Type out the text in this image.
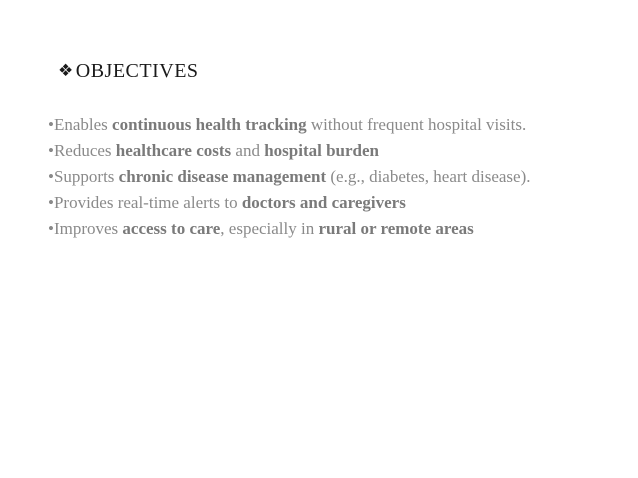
❖ OBJECTIVES
•Enables continuous health tracking without frequent hospital visits.
•Reduces healthcare costs and hospital burden
•Supports chronic disease management (e.g., diabetes, heart disease).
•Provides real-time alerts to doctors and caregivers
•Improves access to care, especially in rural or remote areas
